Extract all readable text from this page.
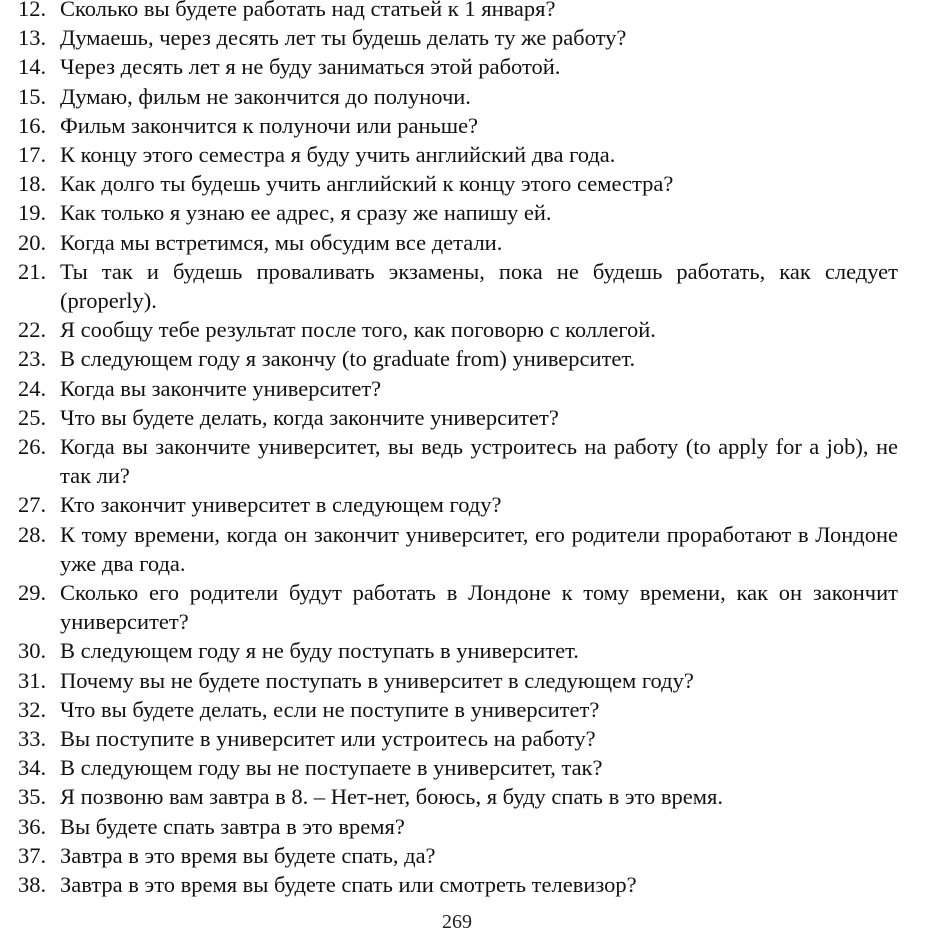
12. Сколько вы будете работать над статьей к 1 января?
13. Думаешь, через десять лет ты будешь делать ту же работу?
14. Через десять лет я не буду заниматься этой работой.
15. Думаю, фильм не закончится до полуночи.
16. Фильм закончится к полуночи или раньше?
17. К концу этого семестра я буду учить английский два года.
18. Как долго ты будешь учить английский к концу этого семестра?
19. Как только я узнаю ее адрес, я сразу же напишу ей.
20. Когда мы встретимся, мы обсудим все детали.
21. Ты так и будешь проваливать экзамены, пока не будешь работать, как следует (properly).
22. Я сообщу тебе результат после того, как поговорю с коллегой.
23. В следующем году я закончу (to graduate from) университет.
24. Когда вы закончите университет?
25. Что вы будете делать, когда закончите университет?
26. Когда вы закончите университет, вы ведь устроитесь на работу (to apply for a job), не так ли?
27. Кто закончит университет в следующем году?
28. К тому времени, когда он закончит университет, его родители проработают в Лондоне уже два года.
29. Сколько его родители будут работать в Лондоне к тому времени, как он закончит университет?
30. В следующем году я не буду поступать в университет.
31. Почему вы не будете поступать в университет в следующем году?
32. Что вы будете делать, если не поступите в университет?
33. Вы поступите в университет или устроитесь на работу?
34. В следующем году вы не поступаете в университет, так?
35. Я позвоню вам завтра в 8. – Нет-нет, боюсь, я буду спать в это время.
36. Вы будете спать завтра в это время?
37. Завтра в это время вы будете спать, да?
38. Завтра в это время вы будете спать или смотреть телевизор?
269
